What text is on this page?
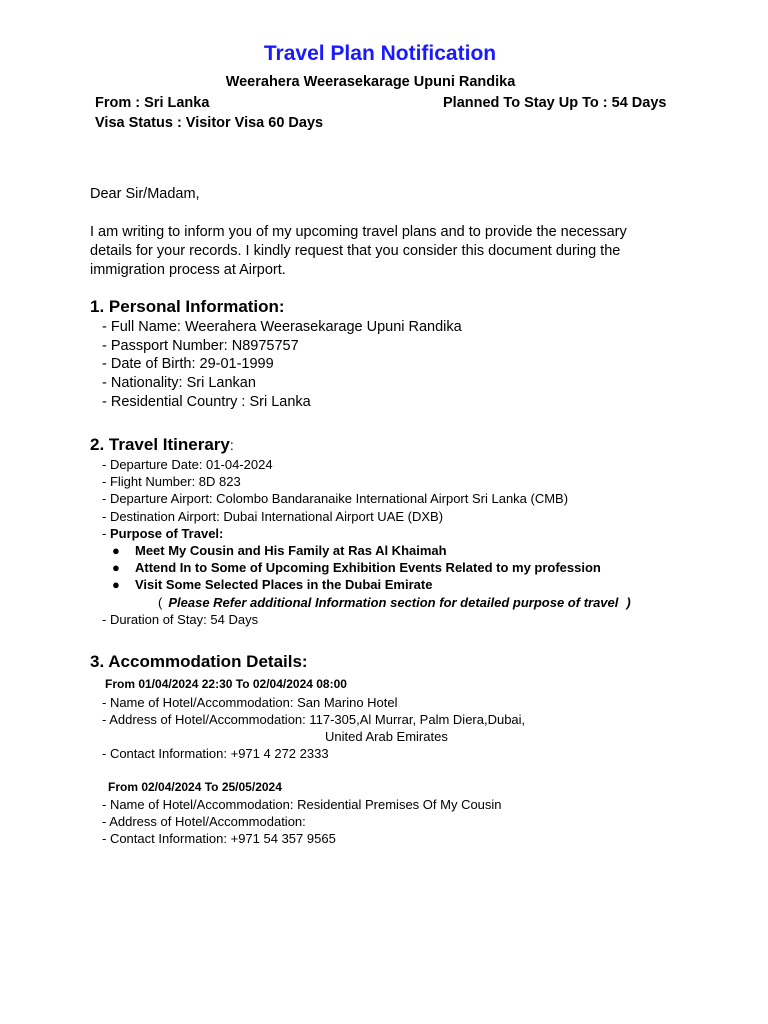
Travel Plan Notification
Weerahera Weerasekarage Upuni Randika
From : Sri Lanka	Planned To Stay Up To : 54 Days
Visa Status : Visitor Visa 60 Days
Dear Sir/Madam,
I am writing to inform you of my upcoming travel plans and to provide the necessary details for your records. I kindly request that you consider this document during the immigration process at Airport.
1. Personal Information:
- Full Name: Weerahera Weerasekarage Upuni Randika
- Passport Number: N8975757
- Date of Birth: 29-01-1999
- Nationality: Sri Lankan
- Residential Country : Sri Lanka
2. Travel Itinerary:
- Departure Date: 01-04-2024
- Flight Number: 8D 823
- Departure Airport: Colombo Bandaranaike International Airport Sri Lanka (CMB)
- Destination Airport: Dubai International Airport UAE (DXB)
- Purpose of Travel:
● Meet My Cousin and His Family at Ras Al Khaimah
● Attend In to Some of Upcoming Exhibition Events Related to my profession
● Visit Some Selected Places in the Dubai Emirate
( Please Refer additional Information section for detailed purpose of travel )
- Duration of Stay: 54 Days
3. Accommodation Details:
From 01/04/2024 22:30 To 02/04/2024 08:00
- Name of Hotel/Accommodation: San Marino Hotel
- Address of Hotel/Accommodation: 117-305,Al Murrar, Palm Diera,Dubai,
United Arab Emirates
- Contact Information: +971 4 272 2333
From 02/04/2024 To 25/05/2024
- Name of Hotel/Accommodation: Residential Premises Of My Cousin
- Address of Hotel/Accommodation:
- Contact Information: +971 54 357 9565
